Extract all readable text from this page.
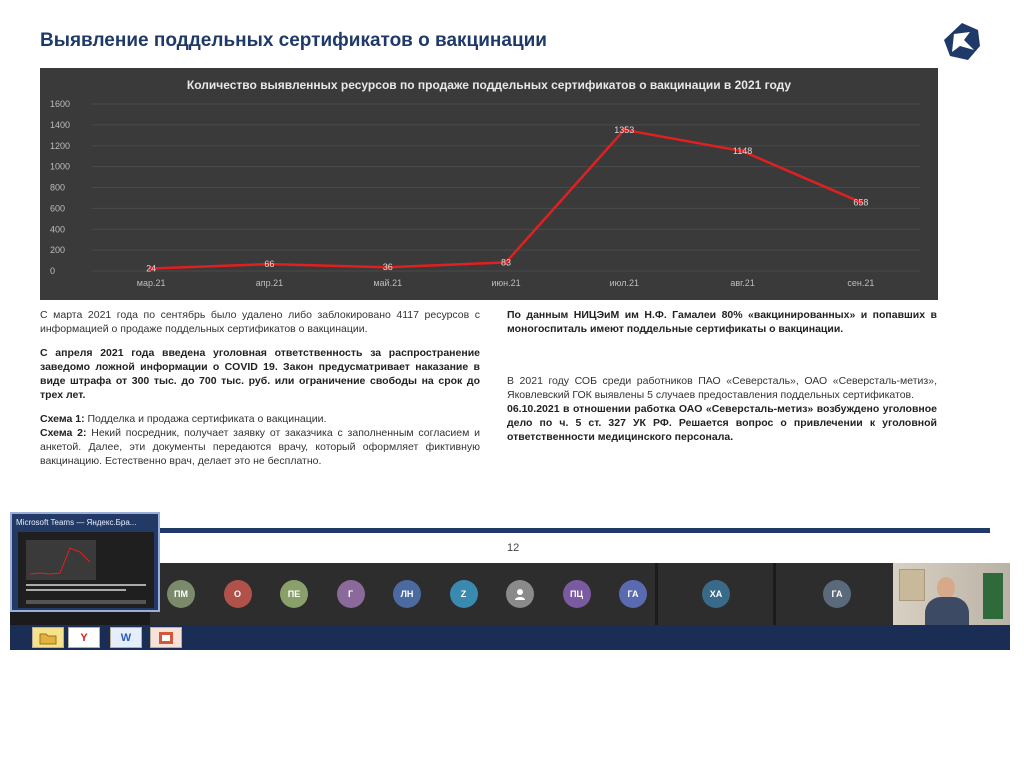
Выявление поддельных сертификатов о вакцинации
Количество выявленных ресурсов по продаже поддельных сертификатов о вакцинации в 2021 году
1600
1400
1200
1000
800
600
400
200
0
мар.21	апр.21	май.21	июн.21	июл.21	авг.21	сен.21
24	66	36	83
1353
1148
658

С марта 2021 года по сентябрь было удалено либо заблокировано 4117 ресурсов с информацией о продаже поддельных сертификатов о вакцинации.

С апреля 2021 года введена уголовная ответственность за распространение заведомо ложной информации о COVID 19. Закон предусматривает наказание в виде штрафа от 300 тыс. до 700 тыс. руб. или ограничение свободы на срок до трех лет.

Схема 1: Подделка и продажа сертификата о вакцинации.

Схема 2: Некий посредник, получает заявку от заказчика с заполненным согласием и анкетой. Далее, эти документы передаются врачу, который оформляет фиктивную вакцинацию. Естественно врач, делает это не бесплатно.

По данным НИЦЭиМ им Н.Ф. Гамалеи 80% «вакцинированных» и попавших в моногоспиталь имеют поддельные сертификаты о вакцинации.

В 2021 году СОБ среди работников ПАО «Северсталь», ОАО «Северсталь-метиз», Яковлевский ГОК выявлены 5 случаев предоставления поддельных сертификатов.

06.10.2021 в отношении работка ОАО «Северсталь-метиз» возбуждено уголовное дело по ч. 5 ст. 327 УК РФ. Решается вопрос о привлечении к уголовной ответственности медицинского персонала.

12
ПМ	О	ПЕ	Г	ЛН	Z	ПЦ	ГА	ХА	ГА
Y	W
Microsoft Teams — Яндекс.Бра...
